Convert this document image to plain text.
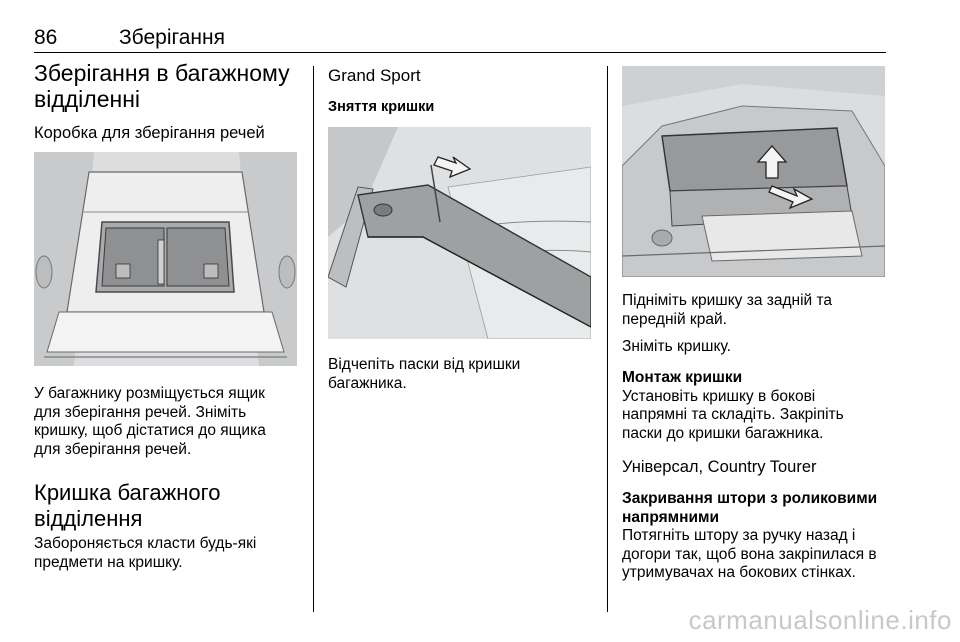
86	Зберігання
Зберігання в багажному
відділенні
Коробка для зберігання речей
У багажнику розміщується ящик
для зберігання речей. Зніміть
кришку, щоб дістатися до ящика
для зберігання речей.
Кришка багажного
відділення
Забороняється класти будь-які
предмети на кришку.
Grand Sport
Зняття кришки
Відчепіть паски від кришки
багажника.
Підніміть кришку за задній та
передній край.
Зніміть кришку.
Монтаж кришки
Установіть кришку в бокові
напрямні та складіть. Закріпіть
паски до кришки багажника.
Універсал, Country Tourer
Закривання штори з роликовими
напрямними
Потягніть штору за ручку назад і
догори так, щоб вона закріпилася в
утримувачах на бокових стінках.
carmanualsonline.info
